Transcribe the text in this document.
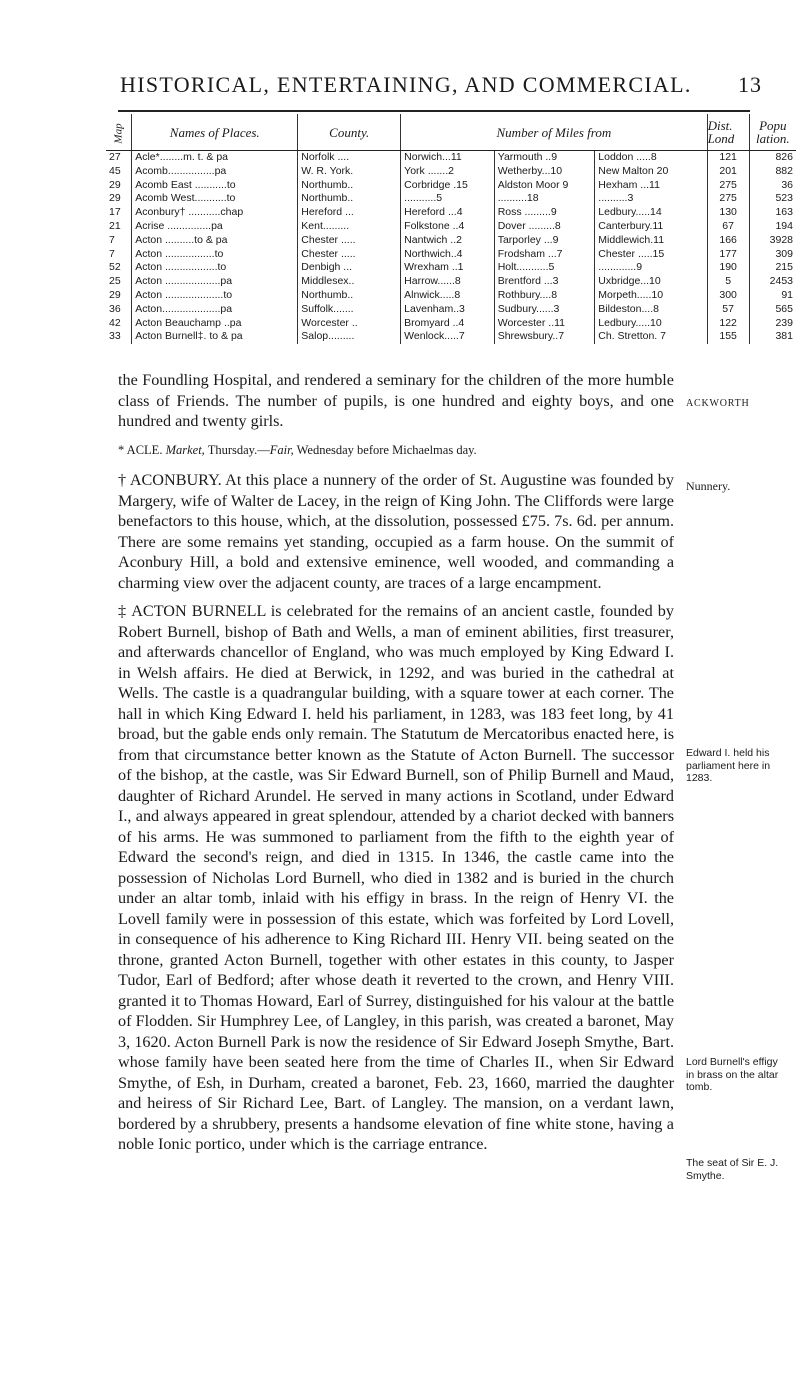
HISTORICAL, ENTERTAINING, AND COMMERCIAL. 13
Map	Names of Places.	County.	Number of Miles from			Dist. Lond	Popu lation.
27	Acle*........m. t. & pa	Norfolk ....	Norwich...11	Yarmouth ..9	Loddon .....8	121	826
45	Acomb................pa	W. R. York.	York .......2	Wetherby...10	New Malton 20	201	882
29	Acomb East ...........to	Northumb..	Corbridge .15	Aldston Moor 9	Hexham ...11	275	36
29	Acomb West...........to	Northumb..	...........5	..........18	..........3	275	523
17	Aconbury† ...........chap	Hereford ...	Hereford ...4	Ross .........9	Ledbury.....14	130	163
21	Acrise ...............pa	Kent.........	Folkstone ..4	Dover .........8	Canterbury.11	67	194
7	Acton ..........to & pa	Chester .....	Nantwich ..2	Tarporley ...9	Middlewich.11	166	3928
7	Acton .................to	Chester .....	Northwich..4	Frodsham ...7	Chester .....15	177	309
52	Acton ..................to	Denbigh ...	Wrexham ..1	Holt...........5	.............9	190	215
25	Acton ...................pa	Middlesex..	Harrow......8	Brentford ...3	Uxbridge...10	5	2453
29	Acton ....................to	Northumb..	Alnwick.....8	Rothbury....8	Morpeth.....10	300	91
36	Acton....................pa	Suffolk.......	Lavenham..3	Sudbury......3	Bildeston....8	57	565
42	Acton Beauchamp ..pa	Worcester ..	Bromyard ..4	Worcester ..11	Ledbury.....10	122	239
33	Acton Burnell‡. to & pa	Salop.........	Wenlock.....7	Shrewsbury..7	Ch. Stretton. 7	155	381

the Foundling Hospital, and rendered a seminary for the children of the more humble class of Friends. The number of pupils, is one hundred and eighty boys, and one hundred and twenty girls.

* ACLE. Market, Thursday.—Fair, Wednesday before Michaelmas day.

† ACONBURY. At this place a nunnery of the order of St. Augustine was founded by Margery, wife of Walter de Lacey, in the reign of King John. The Cliffords were large benefactors to this house, which, at the dissolution, possessed £75. 7s. 6d. per annum. There are some remains yet standing, occupied as a farm house. On the summit of Aconbury Hill, a bold and extensive eminence, well wooded, and commanding a charming view over the adjacent county, are traces of a large encampment.

‡ ACTON BURNELL is celebrated for the remains of an ancient castle, founded by Robert Burnell, bishop of Bath and Wells, a man of eminent abilities, first treasurer, and afterwards chancellor of England, who was much employed by King Edward I. in Welsh affairs. He died at Berwick, in 1292, and was buried in the cathedral at Wells. The castle is a quadrangular building, with a square tower at each corner. The hall in which King Edward I. held his parliament, in 1283, was 183 feet long, by 41 broad, but the gable ends only remain. The Statutum de Mercatoribus enacted here, is from that circumstance better known as the Statute of Acton Burnell. The successor of the bishop, at the castle, was Sir Edward Burnell, son of Philip Burnell and Maud, daughter of Richard Arundel. He served in many actions in Scotland, under Edward I., and always appeared in great splendour, attended by a chariot decked with banners of his arms. He was summoned to parliament from the fifth to the eighth year of Edward the second's reign, and died in 1315. In 1346, the castle came into the possession of Nicholas Lord Burnell, who died in 1382 and is buried in the church under an altar tomb, inlaid with his effigy in brass. In the reign of Henry VI. the Lovell family were in possession of this estate, which was forfeited by Lord Lovell, in consequence of his adherence to King Richard III. Henry VII. being seated on the throne, granted Acton Burnell, together with other estates in this county, to Jasper Tudor, Earl of Bedford; after whose death it reverted to the crown, and Henry VIII. granted it to Thomas Howard, Earl of Surrey, distinguished for his valour at the battle of Flodden. Sir Humphrey Lee, of Langley, in this parish, was created a baronet, May 3, 1620. Acton Burnell Park is now the residence of Sir Edward Joseph Smythe, Bart. whose family have been seated here from the time of Charles II., when Sir Edward Smythe, of Esh, in Durham, created a baronet, Feb. 23, 1660, married the daughter and heiress of Sir Richard Lee, Bart. of Langley. The mansion, on a verdant lawn, bordered by a shrubbery, presents a handsome elevation of fine white stone, having a noble Ionic portico, under which is the carriage entrance.

ACKWORTH
Nunnery.
Edward I. held his parliament here in 1283.
Lord Burnell's effigy in brass on the altar tomb.
The seat of Sir E. J. Smythe.
